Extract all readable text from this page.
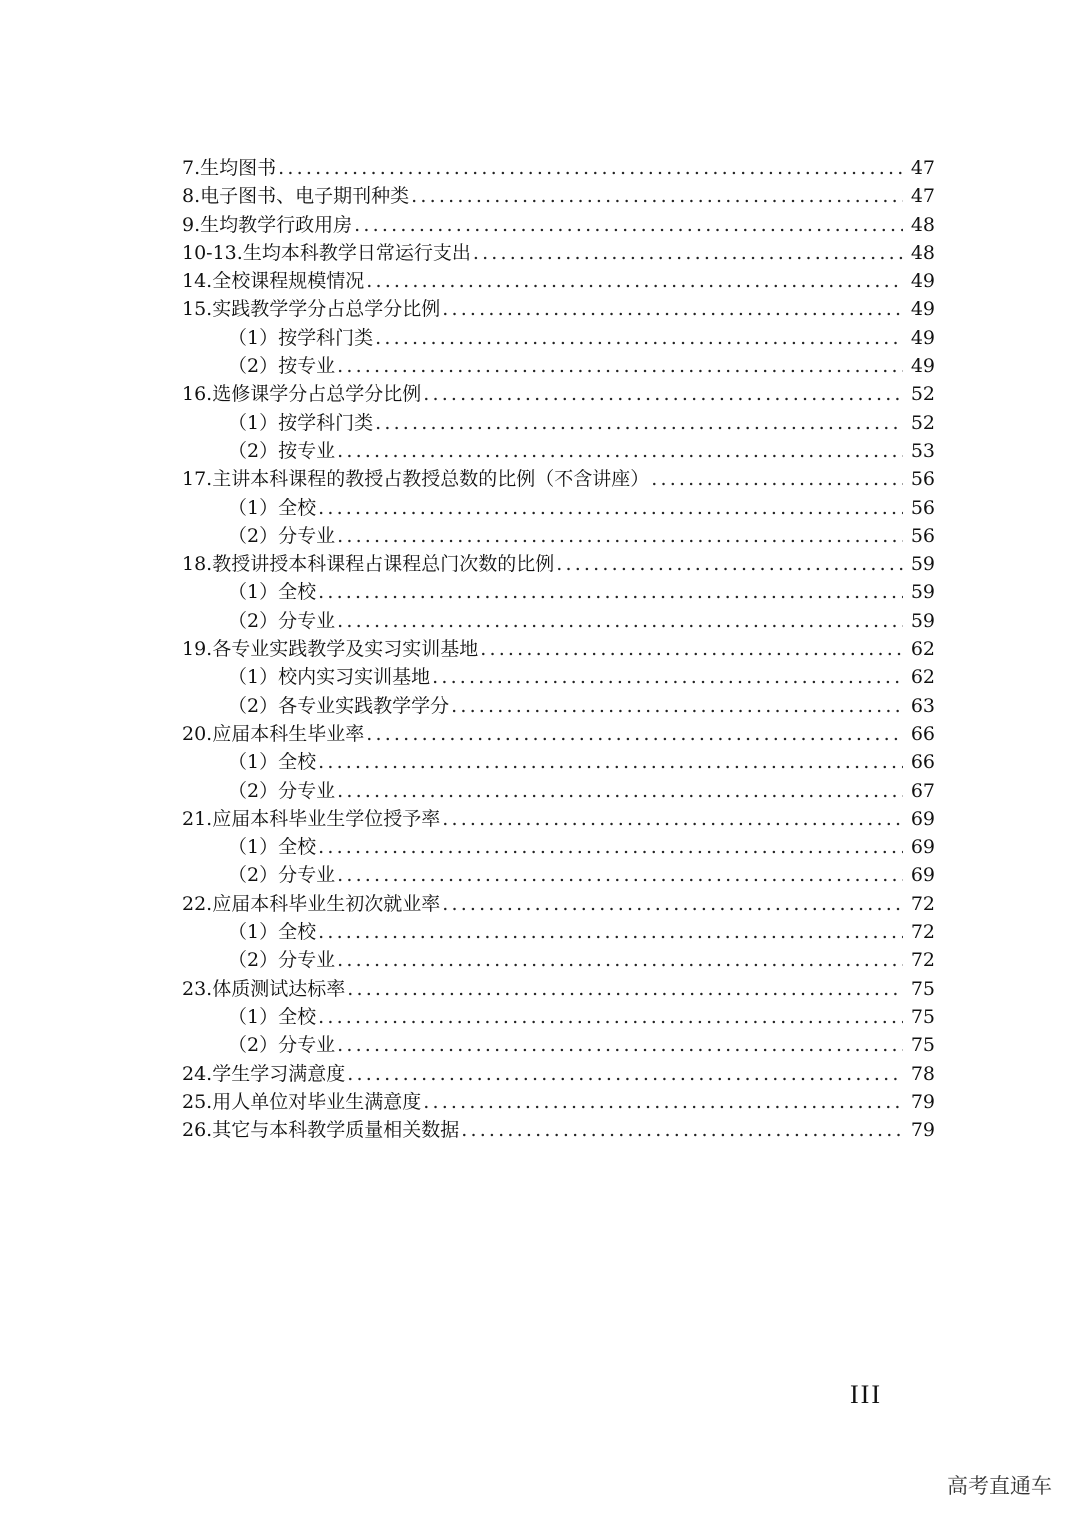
7.生均图书 .....	47
8.电子图书、电子期刊种类 .....	47
9.生均教学行政用房 .....	48
10-13.生均本科教学日常运行支出 .....	48
14.全校课程规模情况 .....	49
15.实践教学学分占总学分比例 .....	49
（1）按学科门类 .....	49
（2）按专业 .....	49
16.选修课学分占总学分比例 .....	52
（1）按学科门类 .....	52
（2）按专业 .....	53
17.主讲本科课程的教授占教授总数的比例（不含讲座） .....	56
（1）全校 .....	56
（2）分专业 .....	56
18.教授讲授本科课程占课程总门次数的比例 .....	59
（1）全校 .....	59
（2）分专业 .....	59
19.各专业实践教学及实习实训基地 .....	62
（1）校内实习实训基地 .....	62
（2）各专业实践教学学分 .....	63
20.应届本科生毕业率 .....	66
（1）全校 .....	66
（2）分专业 .....	67
21.应届本科毕业生学位授予率 .....	69
（1）全校 .....	69
（2）分专业 .....	69
22.应届本科毕业生初次就业率 .....	72
（1）全校 .....	72
（2）分专业 .....	72
23.体质测试达标率 .....	75
（1）全校 .....	75
（2）分专业 .....	75
24.学生学习满意度 .....	78
25.用人单位对毕业生满意度 .....	79
26.其它与本科教学质量相关数据 .....	79
III
高考直通车
